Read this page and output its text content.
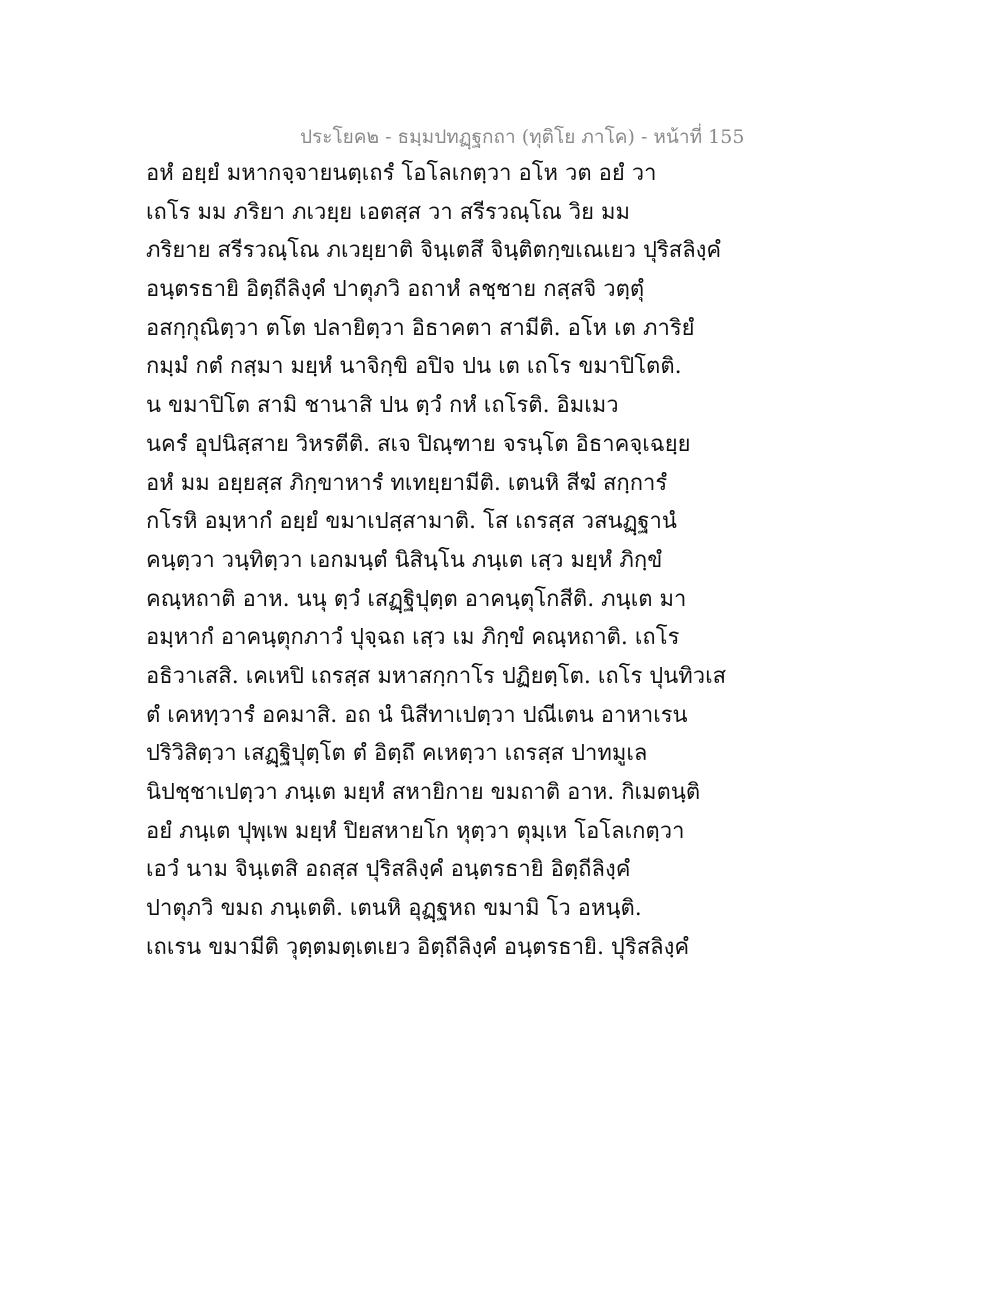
ประโยค๒ - ธมฺมปทฏฺฐกถา (ทุติโย ภาโค) - หน้าที่ 155
อหํ อยฺยํ มหากจฺจายนตฺเถรํ โอโลเกตฺวา อโห วต อยํ วา
เถโร มม ภริยา ภเวยฺย เอตสฺส วา สรีรวณฺโณ วิย มม
ภริยาย สรีรวณฺโณ ภเวยฺยาติ จินฺเตสึ จินฺติตกฺขเณเยว ปุริสลิงฺคํ
อนฺตรธายิ อิตฺถีลิงฺคํ ปาตุภวิ อถาหํ ลชฺชาย กสฺสจิ วตฺตุํ
อสกฺกุณิตฺวา ตโต ปลายิตฺวา อิธาคตา สามีติ. อโห เต ภาริยํ
กมฺมํ กตํ กสฺมา มยฺหํ นาจิกฺขิ อปิจ ปน เต เถโร ขมาปิโตติ.
น ขมาปิโต สามิ ชานาสิ ปน ตฺวํ กหํ เถโรติ. อิมเมว
นครํ อุปนิสฺสาย วิหรตีติ. สเจ ปิณฺฑาย จรนฺโต อิธาคจฺเฉยฺย
อหํ มม อยฺยสฺส ภิกฺขาหารํ ทเทยฺยามีติ. เตนหิ สีฆํ สกฺการํ
กโรหิ อมฺหากํ อยฺยํ ขมาเปสฺสามาติ. โส เถรสฺส วสนฏฺฐานํ
คนฺตฺวา วนฺทิตฺวา เอกมนฺตํ นิสินฺโน ภนฺเต เสฺว มยฺหํ ภิกฺขํ
คณฺหถาติ อาห. นนุ ตฺวํ เสฏฺฐิปุตฺต อาคนฺตุโกสีติ. ภนฺเต มา
อมฺหากํ อาคนฺตุกภาวํ ปุจฺฉถ เสฺว เม ภิกฺขํ คณฺหถาติ. เถโร
อธิวาเสสิ. เคเหปิ เถรสฺส มหาสกฺกาโร ปฏิยตฺโต. เถโร ปุนทิวเส
ตํ เคหทฺวารํ อคมาสิ. อถ นํ นิสีทาเปตฺวา ปณีเตน อาหาเรน
ปริวิสิตฺวา เสฏฺฐิปุตฺโต ตํ อิตฺถึ คเหตฺวา เถรสฺส ปาทมูเล
นิปชฺชาเปตฺวา ภนฺเต มยฺหํ สหายิกาย ขมถาติ อาห. กิเมตนฺติ
อยํ ภนฺเต ปุพฺเพ มยฺหํ ปิยสหายโก หุตฺวา ตุมฺเห โอโลเกตฺวา
เอวํ นาม จินฺเตสิ อถสฺส ปุริสลิงฺคํ อนฺตรธายิ อิตฺถีลิงฺคํ
ปาตุภวิ ขมถ ภนฺเตติ. เตนหิ อุฏฺฐหถ ขมามิ โว อหนฺติ.
เถเรน ขมามีติ วุตฺตมตฺเตเยว อิตฺถีลิงฺคํ อนฺตรธายิ. ปุริสลิงฺคํ
